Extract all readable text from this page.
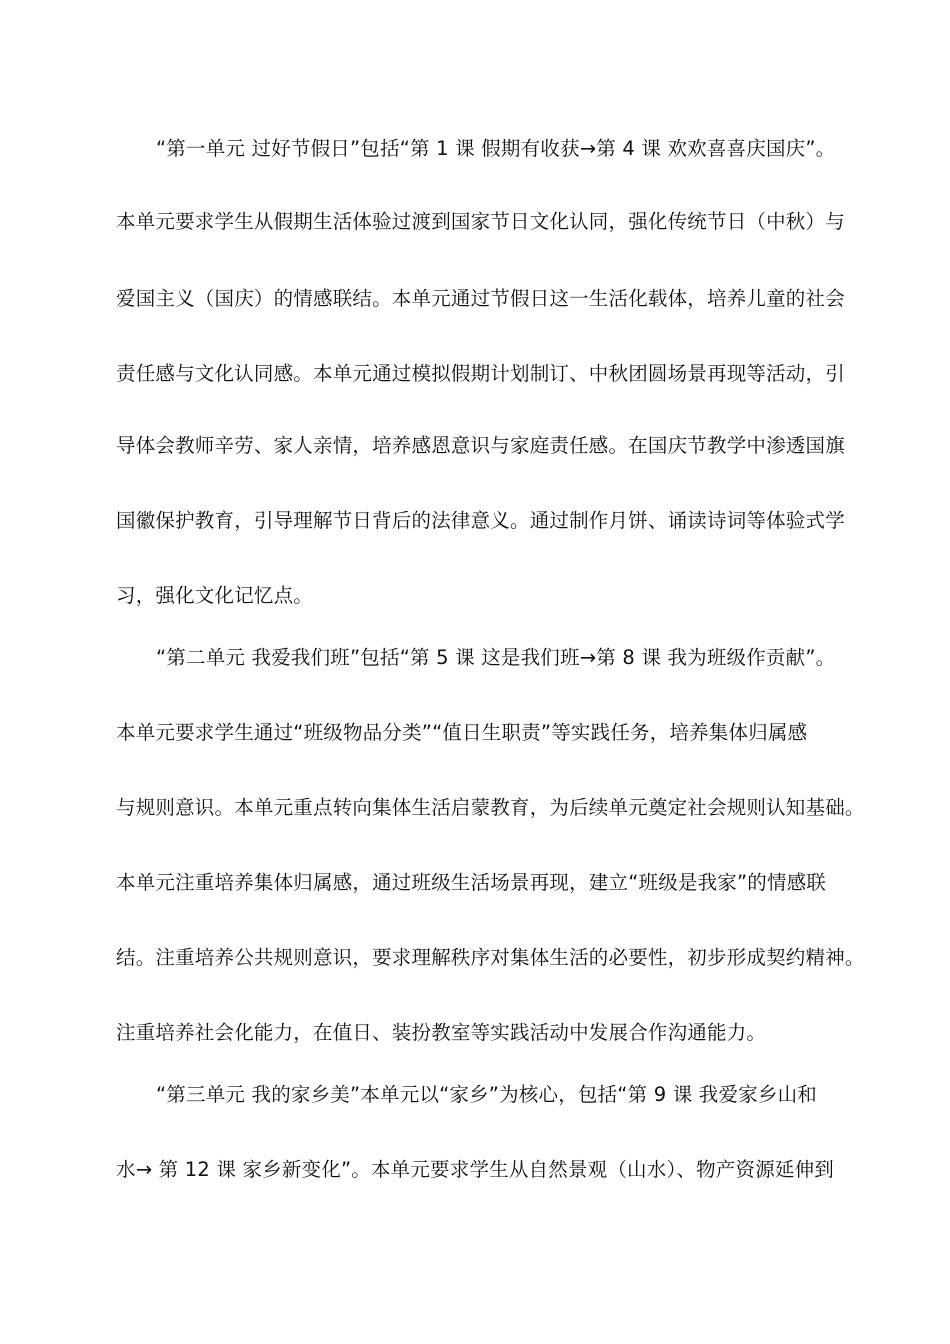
“第一单元 过好节假日”包括“第 1 课 假期有收获→第 4 课 欢欢喜喜庆国庆”。
本单元要求学生从假期生活体验过渡到国家节日文化认同，强化传统节日（中秋）与
爱国主义（国庆）的情感联结。本单元通过节假日这一生活化载体，培养儿童的社会
责任感与文化认同感。本单元通过模拟假期计划制订、中秋团圆场景再现等活动，引
导体会教师辛劳、家人亲情，培养感恩意识与家庭责任感。在国庆节教学中渗透国旗
国徽保护教育，引导理解节日背后的法律意义。通过制作月饼、诵读诗词等体验式学
习，强化文化记忆点。
“第二单元 我爱我们班”包括“第 5 课 这是我们班→第 8 课 我为班级作贡献”。
本单元要求学生通过“班级物品分类”“值日生职责”等实践任务，培养集体归属感
与规则意识。本单元重点转向集体生活启蒙教育，为后续单元奠定社会规则认知基础。
本单元注重培养集体归属感，通过班级生活场景再现，建立“班级是我家”的情感联
结。注重培养公共规则意识，要求理解秩序对集体生活的必要性，初步形成契约精神。
注重培养社会化能力，在值日、装扮教室等实践活动中发展合作沟通能力。
“第三单元 我的家乡美”本单元以“家乡”为核心，包括“第 9 课 我爱家乡山和
水→ 第 12 课 家乡新变化”。本单元要求学生从自然景观（山水）、物产资源延伸到
